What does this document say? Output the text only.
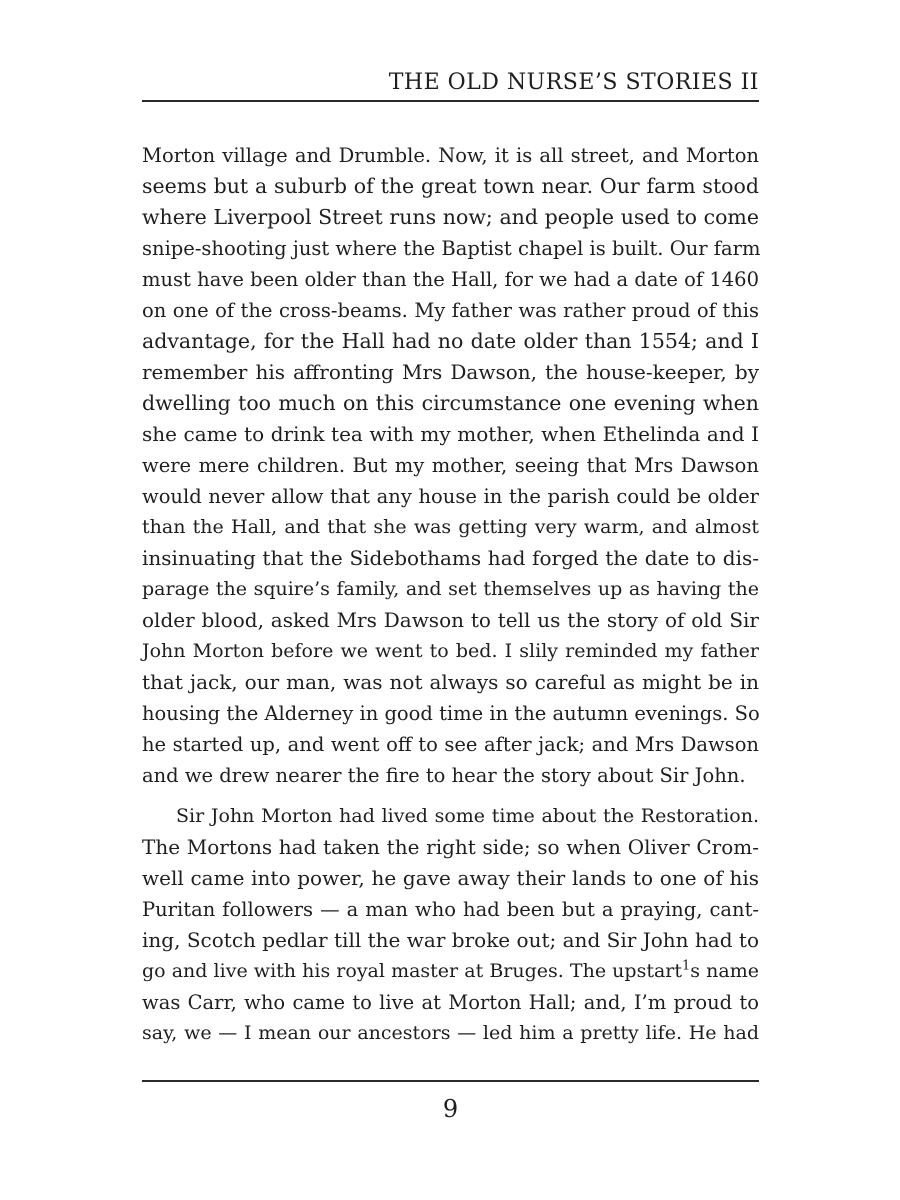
THE OLD NURSE’S STORIES II
Morton village and Drumble. Now, it is all street, and Morton
seems but a suburb of the great town near. Our farm stood
where Liverpool Street runs now; and people used to come
snipe-shooting just where the Baptist chapel is built. Our farm
must have been older than the Hall, for we had a date of 1460
on one of the cross-beams. My father was rather proud of this
advantage, for the Hall had no date older than 1554; and I
remember his affronting Mrs Dawson, the house-keeper, by
dwelling too much on this circumstance one evening when
she came to drink tea with my mother, when Ethelinda and I
were mere children. But my mother, seeing that Mrs Dawson
would never allow that any house in the parish could be older
than the Hall, and that she was getting very warm, and almost
insinuating that the Sidebothams had forged the date to dis-
parage the squire’s family, and set themselves up as having the
older blood, asked Mrs Dawson to tell us the story of old Sir
John Morton before we went to bed. I slily reminded my father
that jack, our man, was not always so careful as might be in
housing the Alderney in good time in the autumn evenings. So
he started up, and went off to see after jack; and Mrs Dawson
and we drew nearer the fire to hear the story about Sir John.
Sir John Morton had lived some time about the Restoration.
The Mortons had taken the right side; so when Oliver Crom-
well came into power, he gave away their lands to one of his
Puritan followers — a man who had been but a praying, cant-
ing, Scotch pedlar till the war broke out; and Sir John had to
go and live with his royal master at Bruges. The upstart$^1$s name
was Carr, who came to live at Morton Hall; and, I’m proud to
say, we — I mean our ancestors — led him a pretty life. He had
9
